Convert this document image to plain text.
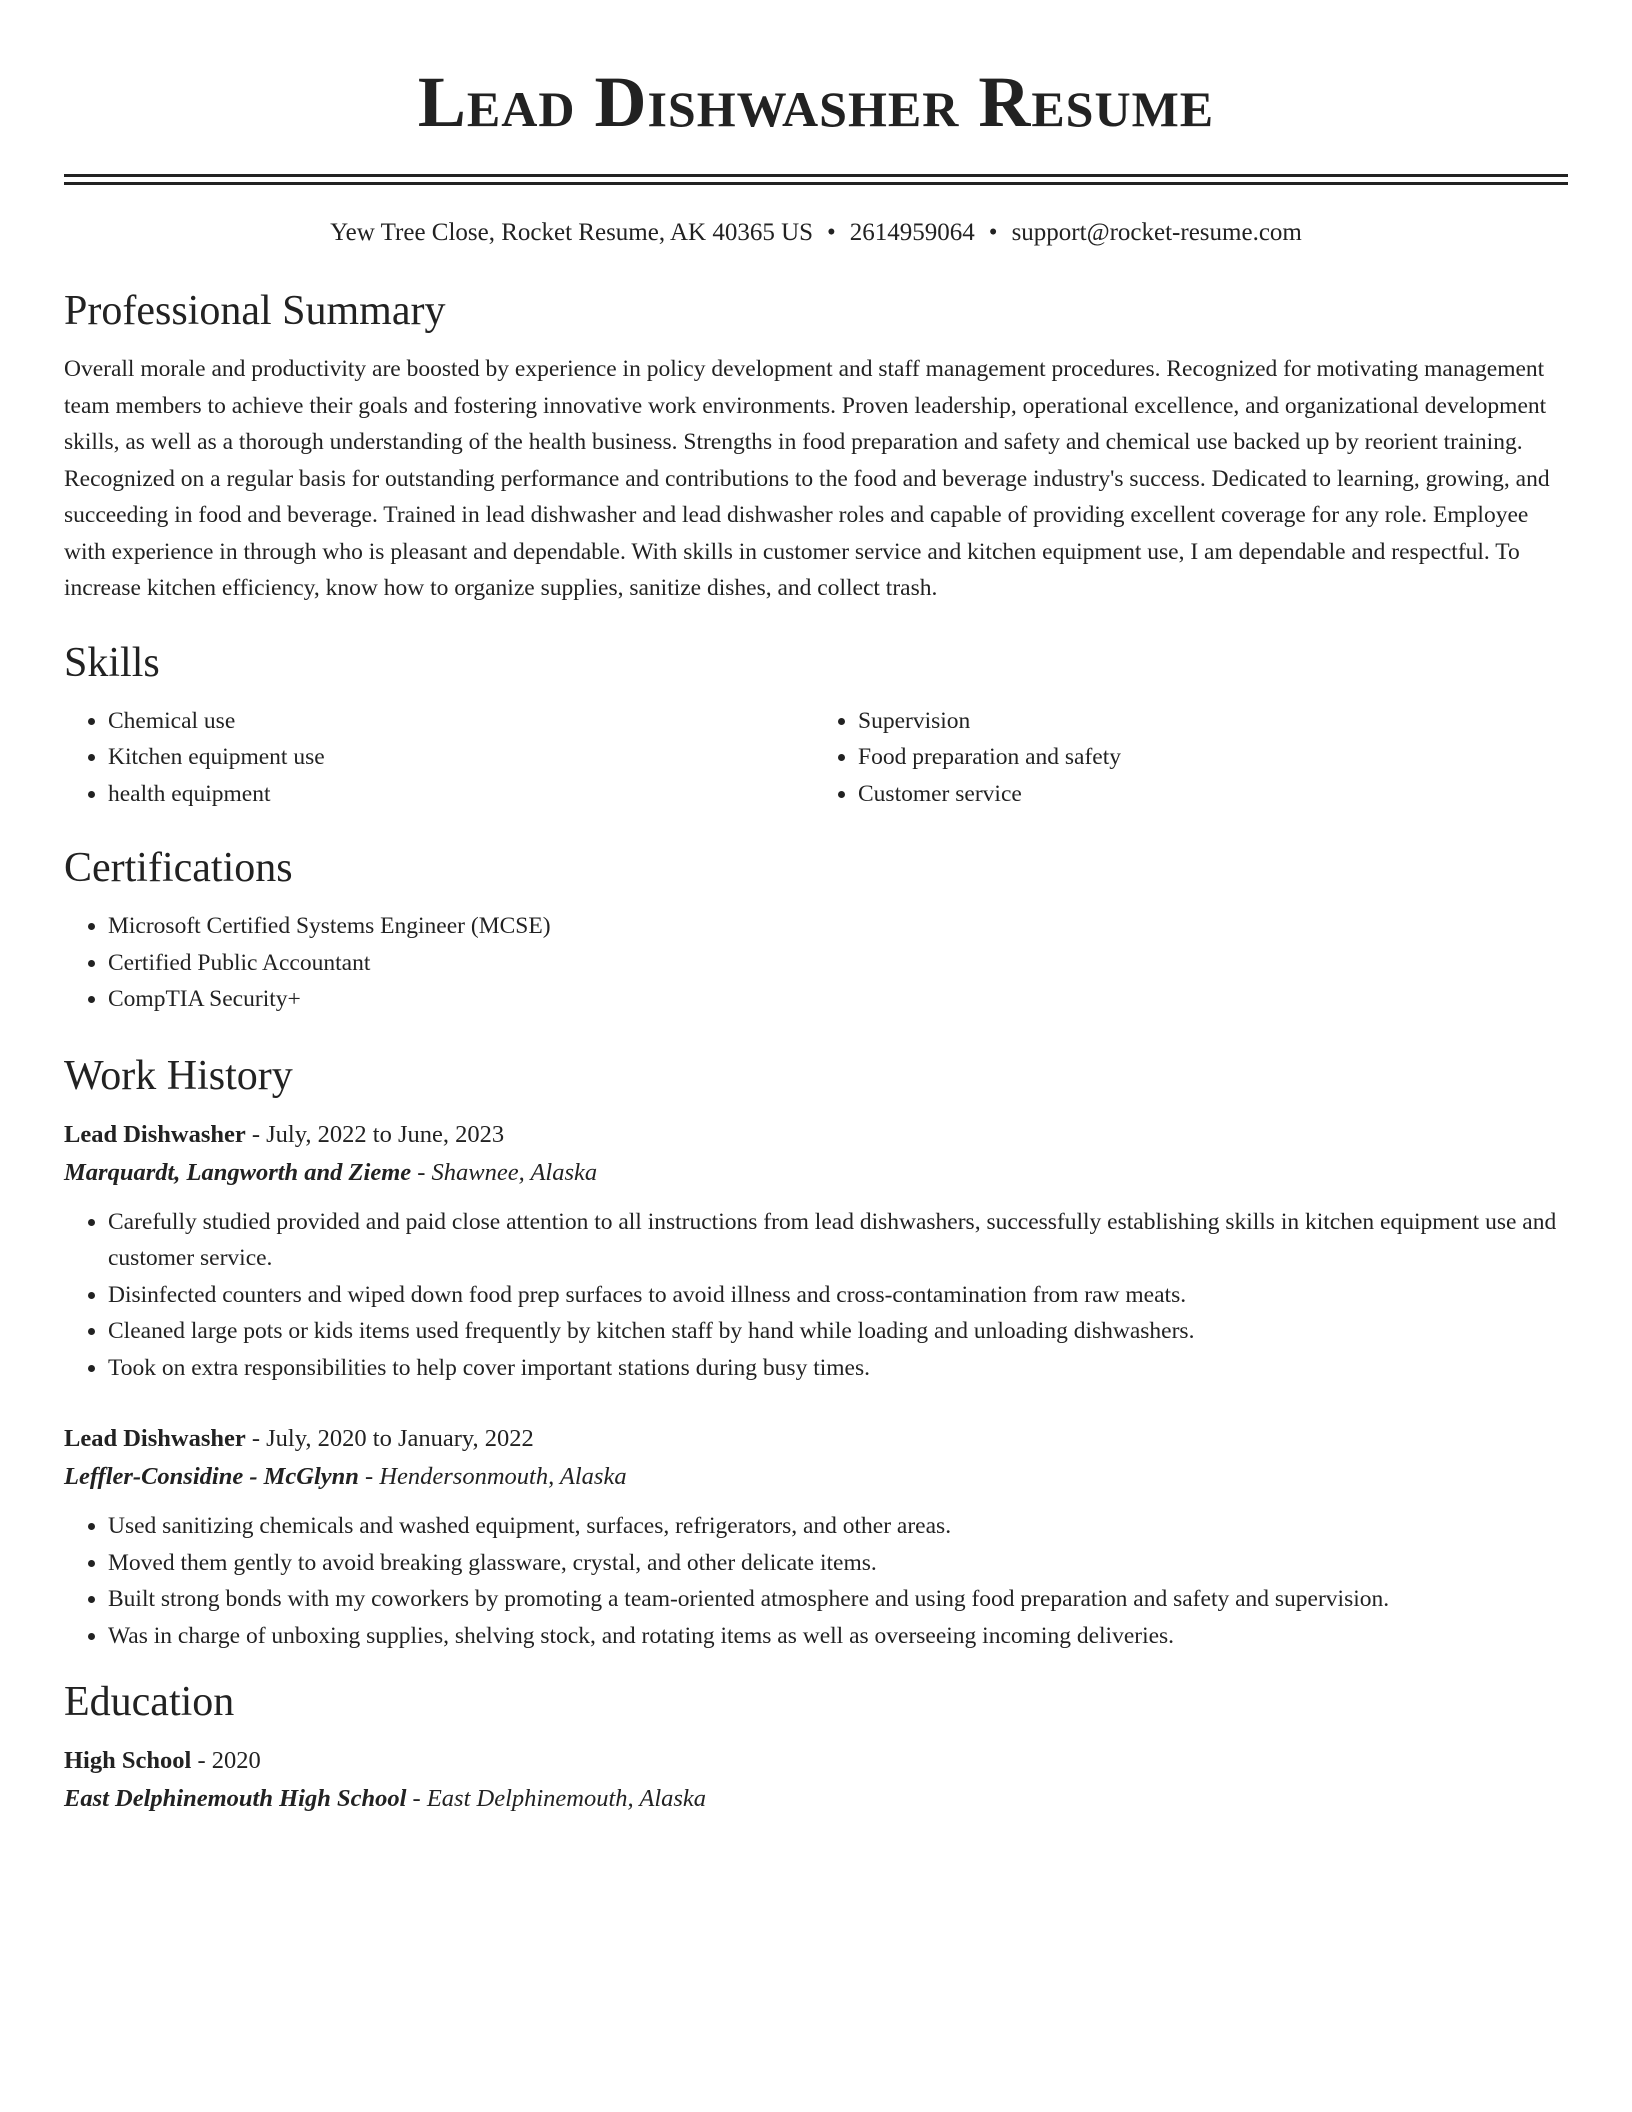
Lead Dishwasher Resume
Yew Tree Close, Rocket Resume, AK 40365 US • 2614959064 • support@rocket-resume.com
Professional Summary

Overall morale and productivity are boosted by experience in policy development and staff management procedures. Recognized for motivating management team members to achieve their goals and fostering innovative work environments. Proven leadership, operational excellence, and organizational development skills, as well as a thorough understanding of the health business. Strengths in food preparation and safety and chemical use backed up by reorient training. Recognized on a regular basis for outstanding performance and contributions to the food and beverage industry's success. Dedicated to learning, growing, and succeeding in food and beverage. Trained in lead dishwasher and lead dishwasher roles and capable of providing excellent coverage for any role. Employee with experience in through who is pleasant and dependable. With skills in customer service and kitchen equipment use, I am dependable and respectful. To increase kitchen efficiency, know how to organize supplies, sanitize dishes, and collect trash.

Skills
• Chemical use
• Kitchen equipment use
• health equipment
• Supervision
• Food preparation and safety
• Customer service
Certifications
• Microsoft Certified Systems Engineer (MCSE)
• Certified Public Accountant
• CompTIA Security+
Work History
Lead Dishwasher - July, 2022 to June, 2023
Marquardt, Langworth and Zieme - Shawnee, Alaska
• Carefully studied provided and paid close attention to all instructions from lead dishwashers, successfully establishing skills in kitchen equipment use and customer service.
• Disinfected counters and wiped down food prep surfaces to avoid illness and cross-contamination from raw meats.
• Cleaned large pots or kids items used frequently by kitchen staff by hand while loading and unloading dishwashers.
• Took on extra responsibilities to help cover important stations during busy times.
Lead Dishwasher - July, 2020 to January, 2022
Leffler-Considine - McGlynn - Hendersonmouth, Alaska
• Used sanitizing chemicals and washed equipment, surfaces, refrigerators, and other areas.
• Moved them gently to avoid breaking glassware, crystal, and other delicate items.
• Built strong bonds with my coworkers by promoting a team-oriented atmosphere and using food preparation and safety and supervision.
• Was in charge of unboxing supplies, shelving stock, and rotating items as well as overseeing incoming deliveries.
Education
High School - 2020
East Delphinemouth High School - East Delphinemouth, Alaska
